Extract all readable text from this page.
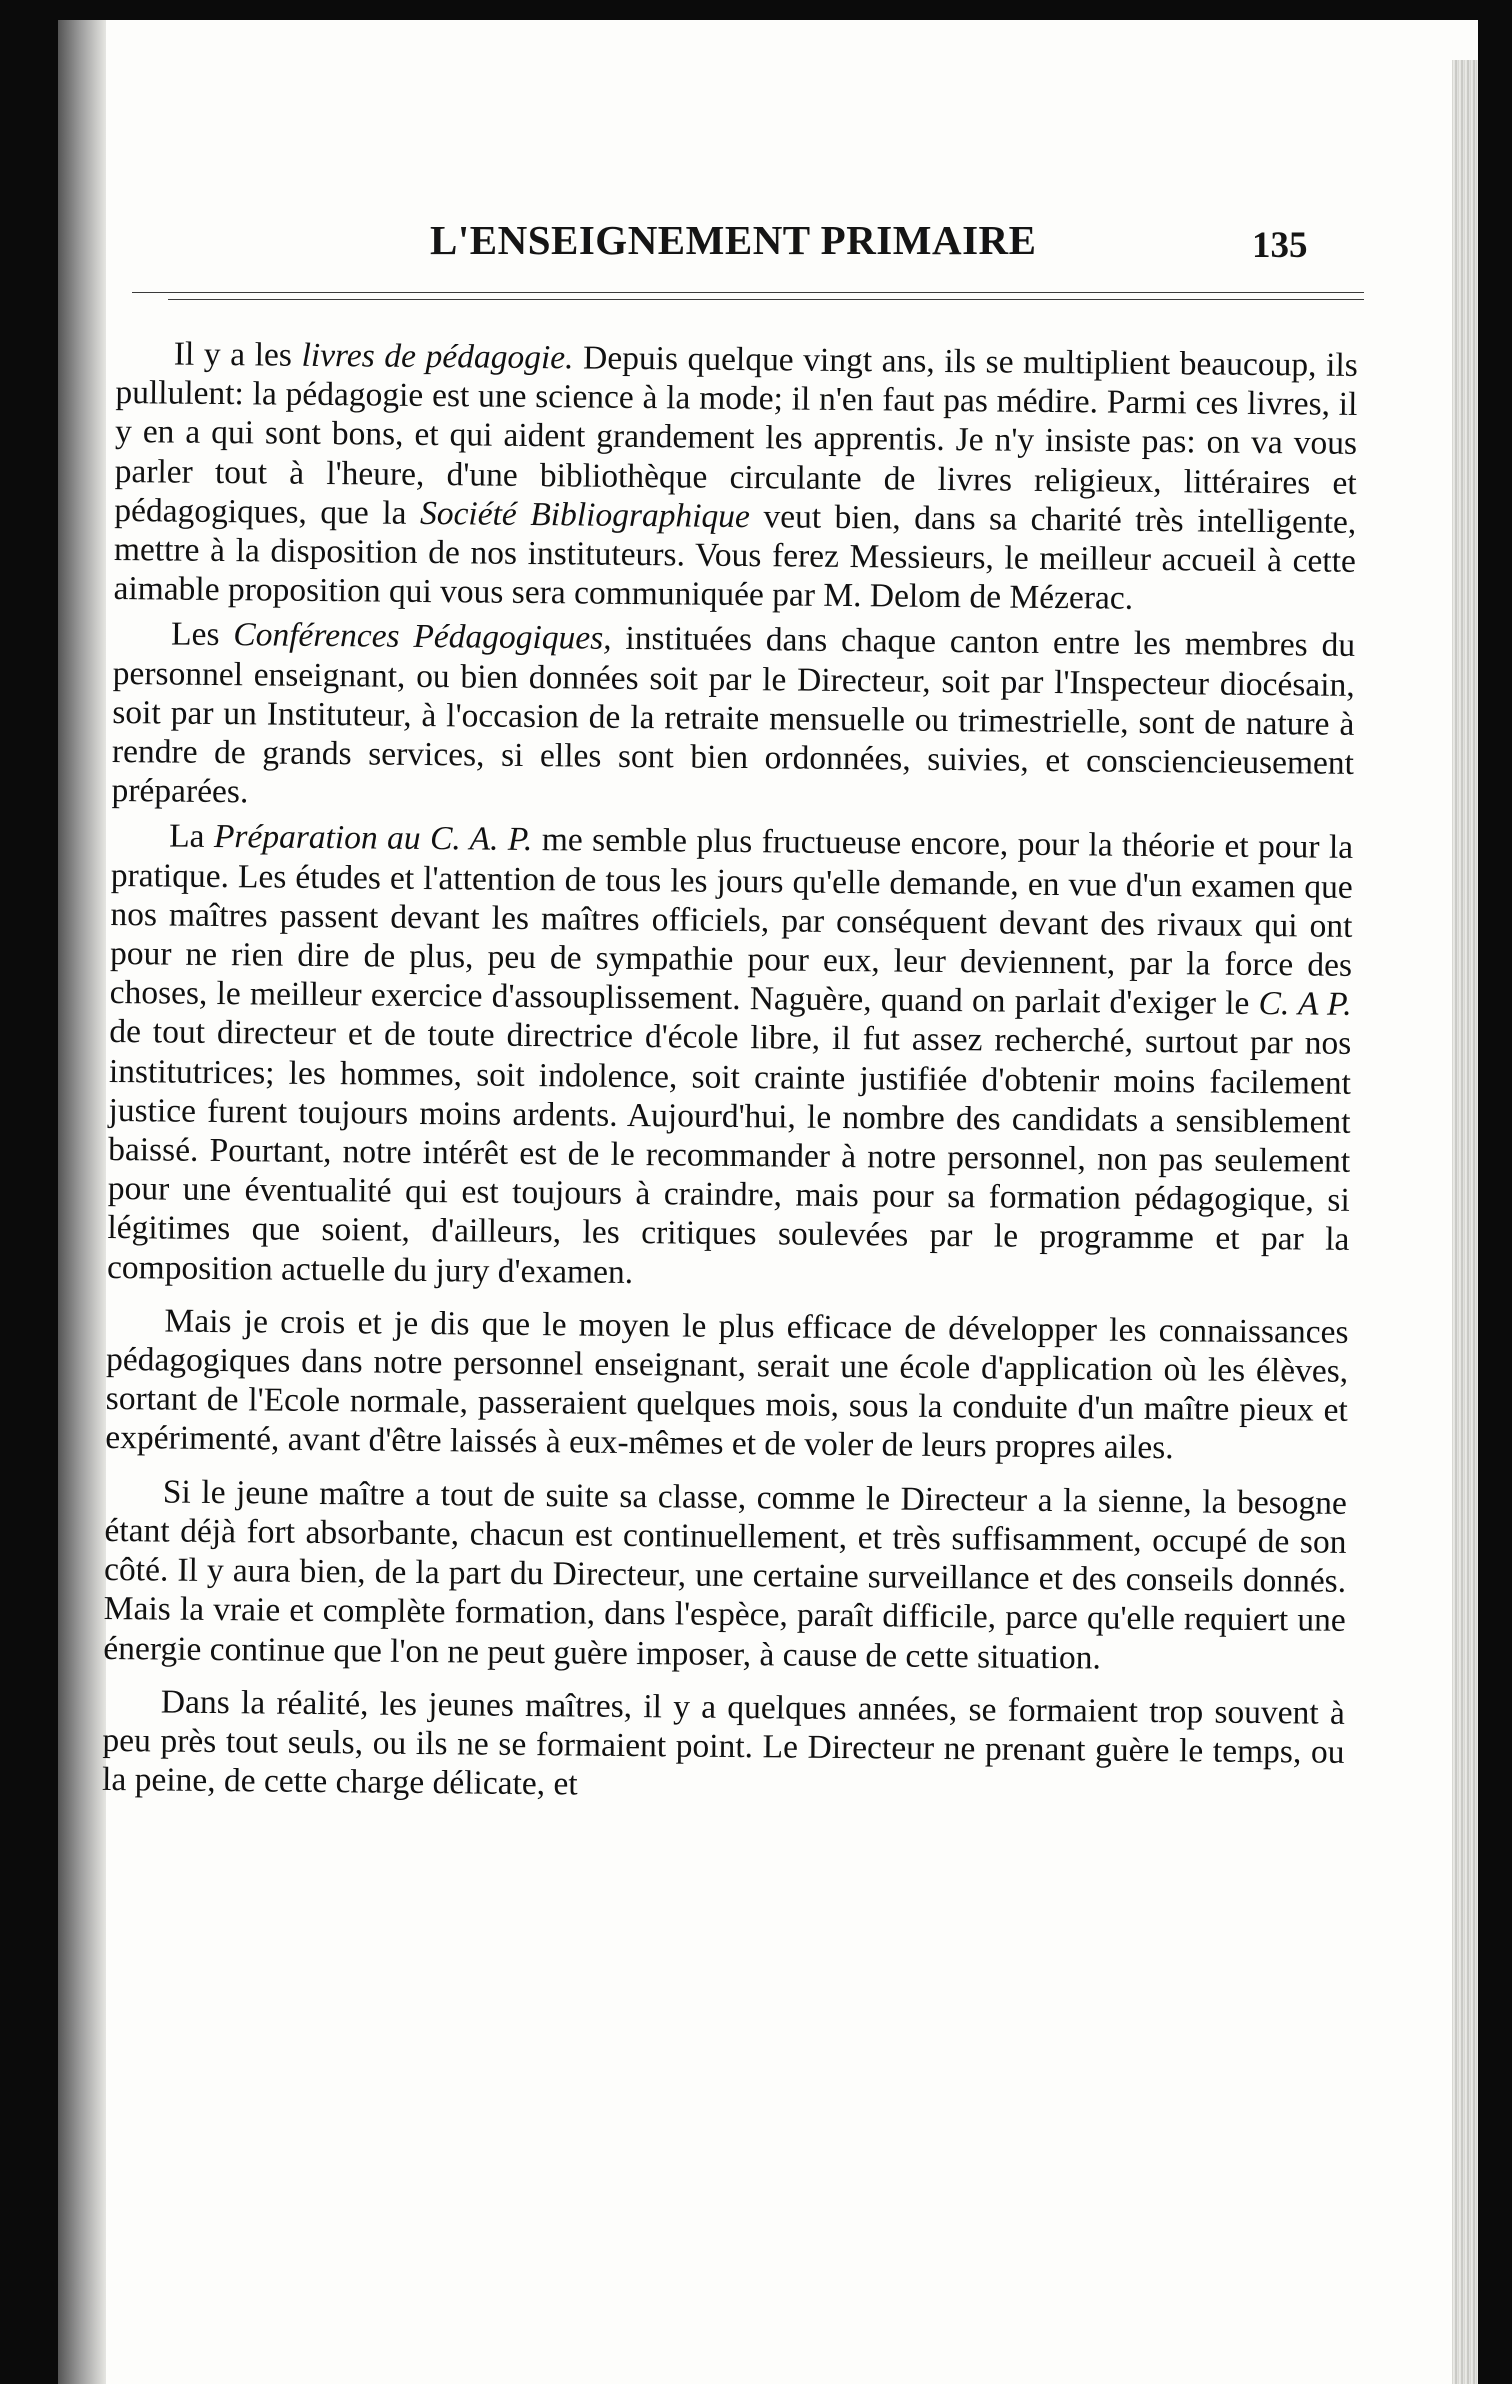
L'ENSEIGNEMENT PRIMAIRE	135

Il y a les livres de pédagogie. Depuis quelque vingt ans, ils se multiplient beaucoup, ils pullulent: la pédagogie est une science à la mode; il n'en faut pas médire. Parmi ces livres, il y en a qui sont bons, et qui aident grandement les apprentis. Je n'y insiste pas: on va vous parler tout à l'heure, d'une bibliothèque circulante de livres religieux, littéraires et pédagogiques, que la Société Bibliographique veut bien, dans sa charité très intelligente, mettre à la disposition de nos instituteurs. Vous ferez Messieurs, le meilleur accueil à cette aimable proposition qui vous sera communiquée par M. Delom de Mézerac.

Les Conférences Pédagogiques, instituées dans chaque canton entre les membres du personnel enseignant, ou bien données soit par le Directeur, soit par l'Inspecteur diocésain, soit par un Instituteur, à l'occasion de la retraite mensuelle ou trimestrielle, sont de nature à rendre de grands services, si elles sont bien ordonnées, suivies, et consciencieusement préparées.

La Préparation au C. A. P. me semble plus fructueuse encore, pour la théorie et pour la pratique. Les études et l'attention de tous les jours qu'elle demande, en vue d'un examen que nos maîtres passent devant les maîtres officiels, par conséquent devant des rivaux qui ont pour ne rien dire de plus, peu de sympathie pour eux, leur deviennent, par la force des choses, le meilleur exercice d'assouplissement. Naguère, quand on parlait d'exiger le C. A P. de tout directeur et de toute directrice d'école libre, il fut assez recherché, surtout par nos institutrices; les hommes, soit indolence, soit crainte justifiée d'obtenir moins facilement justice furent toujours moins ardents. Aujourd'hui, le nombre des candidats a sensiblement baissé. Pourtant, notre intérêt est de le recommander à notre personnel, non pas seulement pour une éventualité qui est toujours à craindre, mais pour sa formation pédagogique, si légitimes que soient, d'ailleurs, les critiques soulevées par le programme et par la composition actuelle du jury d'examen.

Mais je crois et je dis que le moyen le plus efficace de développer les connaissances pédagogiques dans notre personnel enseignant, serait une école d'application où les élèves, sortant de l'Ecole normale, passeraient quelques mois, sous la conduite d'un maître pieux et expérimenté, avant d'être laissés à eux-mêmes et de voler de leurs propres ailes.

Si le jeune maître a tout de suite sa classe, comme le Directeur a la sienne, la besogne étant déjà fort absorbante, chacun est continuellement, et très suffisamment, occupé de son côté. Il y aura bien, de la part du Directeur, une certaine surveillance et des conseils donnés. Mais la vraie et complète formation, dans l'espèce, paraît difficile, parce qu'elle requiert une énergie continue que l'on ne peut guère imposer, à cause de cette situation.

Dans la réalité, les jeunes maîtres, il y a quelques années, se formaient trop souvent à peu près tout seuls, ou ils ne se formaient point. Le Directeur ne prenant guère le temps, ou la peine, de cette charge délicate, et
